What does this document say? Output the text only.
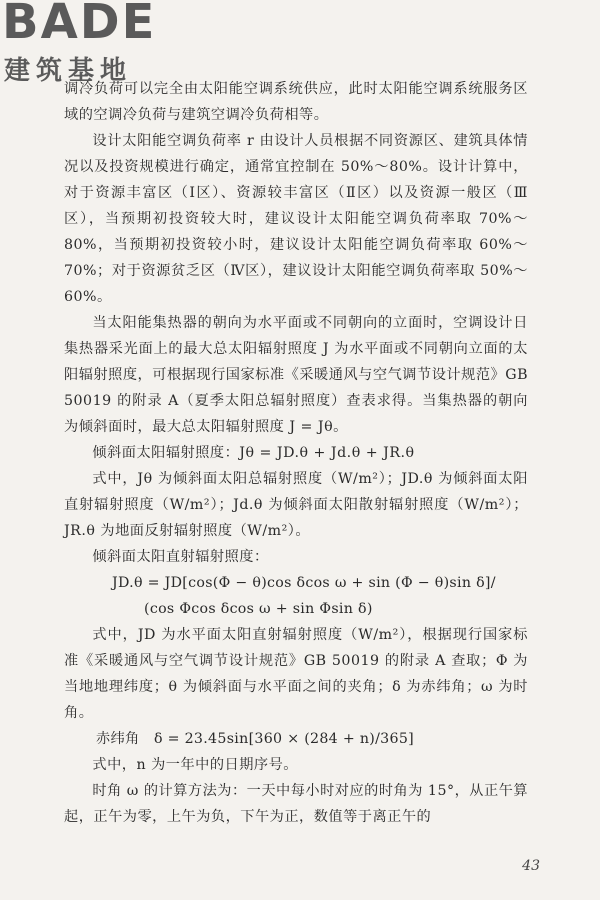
BADE
建筑基地

调冷负荷可以完全由太阳能空调系统供应，此时太阳能空调系统服务区域的空调冷负荷与建筑空调冷负荷相等。

设计太阳能空调负荷率 r 由设计人员根据不同资源区、建筑具体情况以及投资规模进行确定，通常宜控制在 50%～80%。设计计算中，对于资源丰富区（Ⅰ区）、资源较丰富区（Ⅱ区）以及资源一般区（Ⅲ区），当预期初投资较大时，建议设计太阳能空调负荷率取 70%～80%，当预期初投资较小时，建议设计太阳能空调负荷率取 60%～70%；对于资源贫乏区（Ⅳ区），建议设计太阳能空调负荷率取 50%～60%。

当太阳能集热器的朝向为水平面或不同朝向的立面时，空调设计日集热器采光面上的最大总太阳辐射照度 J 为水平面或不同朝向立面的太阳辐射照度，可根据现行国家标准《采暖通风与空气调节设计规范》GB 50019 的附录 A（夏季太阳总辐射照度）查表求得。当集热器的朝向为倾斜面时，最大总太阳辐射照度 J = Jθ。

倾斜面太阳辐射照度：Jθ = JD.θ + Jd.θ + JR.θ

式中，Jθ 为倾斜面太阳总辐射照度（W/m²）；JD.θ 为倾斜面太阳直射辐射照度（W/m²）；Jd.θ 为倾斜面太阳散射辐射照度（W/m²）；JR.θ 为地面反射辐射照度（W/m²）。

倾斜面太阳直射辐射照度：

JD.θ = JD[cos(Φ − θ)cos δcos ω + sin (Φ − θ)sin δ]/

(cos Φcos δcos ω + sin Φsin δ)

式中，JD 为水平面太阳直射辐射照度（W/m²），根据现行国家标准《采暖通风与空气调节设计规范》GB 50019 的附录 A 查取；Φ 为当地地理纬度；θ 为倾斜面与水平面之间的夹角；δ 为赤纬角；ω 为时角。

赤纬角　δ = 23.45sin[360 × (284 + n)/365]

式中，n 为一年中的日期序号。

时角 ω 的计算方法为：一天中每小时对应的时角为 15°，从正午算起，正午为零，上午为负，下午为正，数值等于离正午的

43
